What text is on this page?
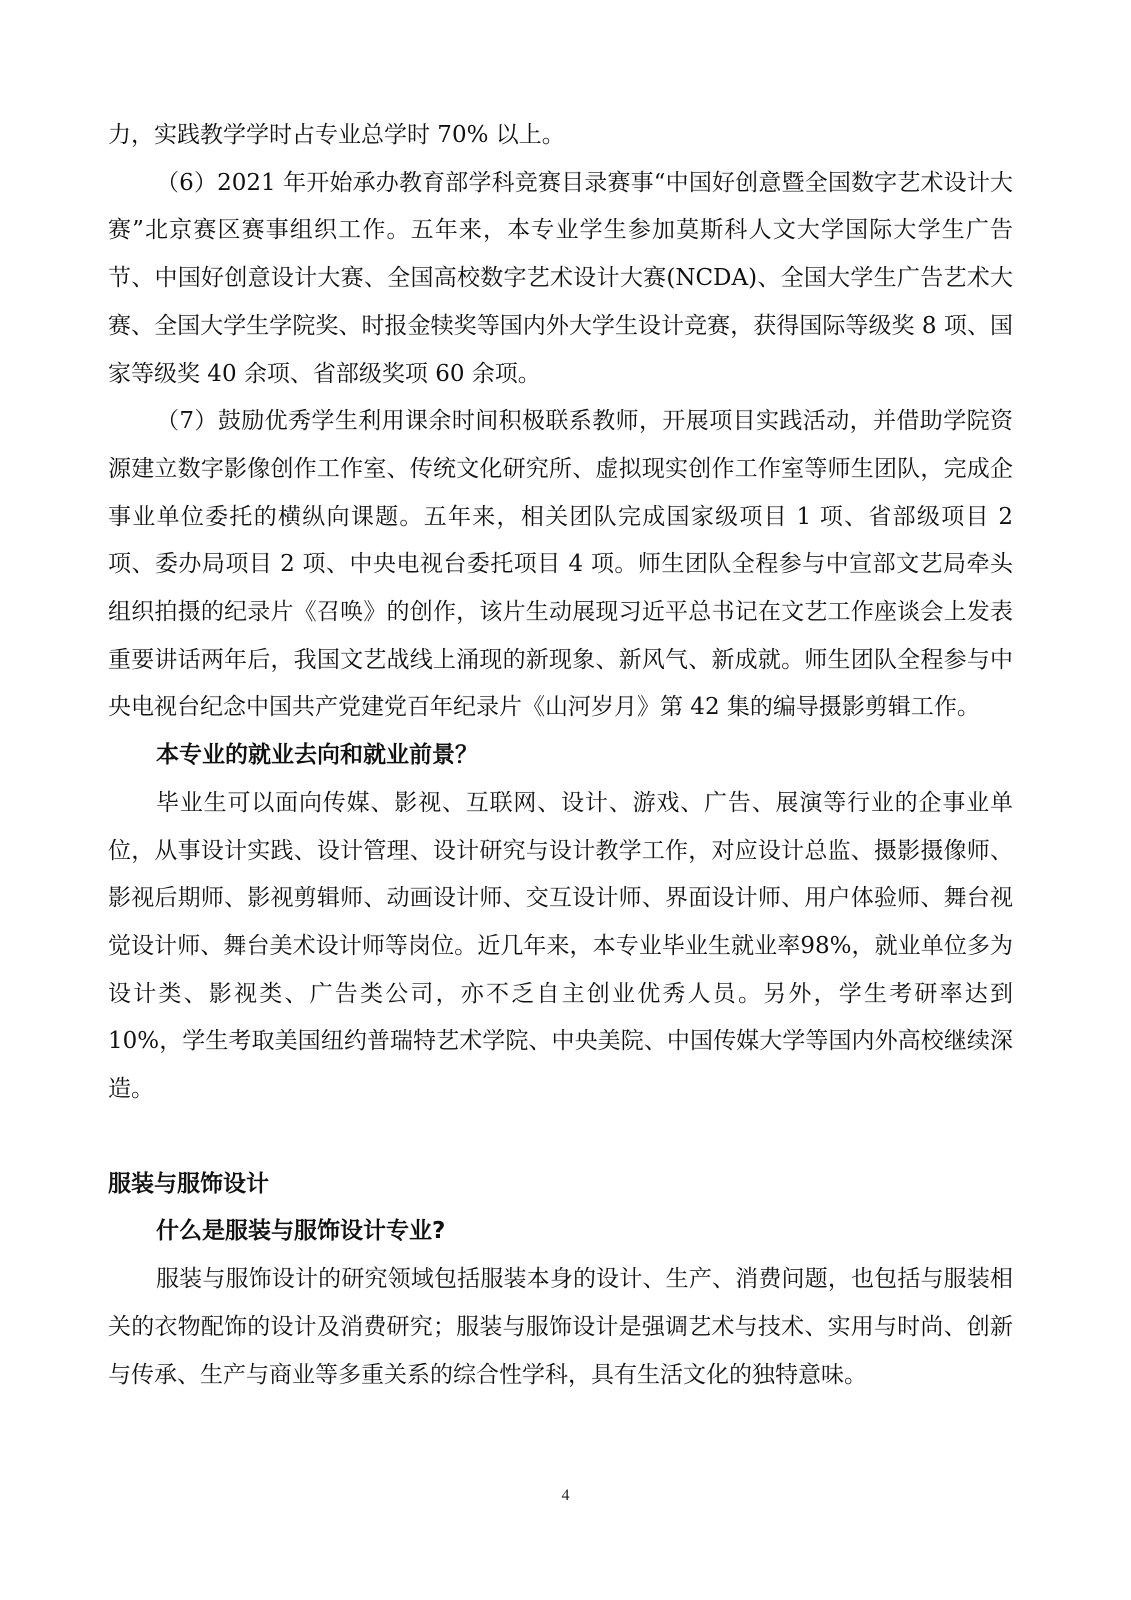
力，实践教学学时占专业总学时 70% 以上。

（6）2021 年开始承办教育部学科竞赛目录赛事“中国好创意暨全国数字艺术设计大赛”北京赛区赛事组织工作。五年来，本专业学生参加莫斯科人文大学国际大学生广告节、中国好创意设计大赛、全国高校数字艺术设计大赛(NCDA)、全国大学生广告艺术大赛、全国大学生学院奖、时报金犊奖等国内外大学生设计竞赛，获得国际等级奖 8 项、国家等级奖 40 余项、省部级奖项 60 余项。

（7）鼓励优秀学生利用课余时间积极联系教师，开展项目实践活动，并借助学院资源建立数字影像创作工作室、传统文化研究所、虚拟现实创作工作室等师生团队，完成企事业单位委托的横纵向课题。五年来，相关团队完成国家级项目 1 项、省部级项目 2 项、委办局项目 2 项、中央电视台委托项目 4 项。师生团队全程参与中宣部文艺局牵头组织拍摄的纪录片《召唤》的创作，该片生动展现习近平总书记在文艺工作座谈会上发表重要讲话两年后，我国文艺战线上涌现的新现象、新风气、新成就。师生团队全程参与中央电视台纪念中国共产党建党百年纪录片《山河岁月》第 42 集的编导摄影剪辑工作。

本专业的就业去向和就业前景？

毕业生可以面向传媒、影视、互联网、设计、游戏、广告、展演等行业的企事业单位，从事设计实践、设计管理、设计研究与设计教学工作，对应设计总监、摄影摄像师、影视后期师、影视剪辑师、动画设计师、交互设计师、界面设计师、用户体验师、舞台视觉设计师、舞台美术设计师等岗位。近几年来，本专业毕业生就业率98%，就业单位多为设计类、影视类、广告类公司，亦不乏自主创业优秀人员。另外，学生考研率达到 10%，学生考取美国纽约普瑞特艺术学院、中央美院、中国传媒大学等国内外高校继续深造。

服装与服饰设计

什么是服装与服饰设计专业?

服装与服饰设计的研究领域包括服装本身的设计、生产、消费问题，也包括与服装相关的衣物配饰的设计及消费研究；服装与服饰设计是强调艺术与技术、实用与时尚、创新与传承、生产与商业等多重关系的综合性学科，具有生活文化的独特意味。

4
